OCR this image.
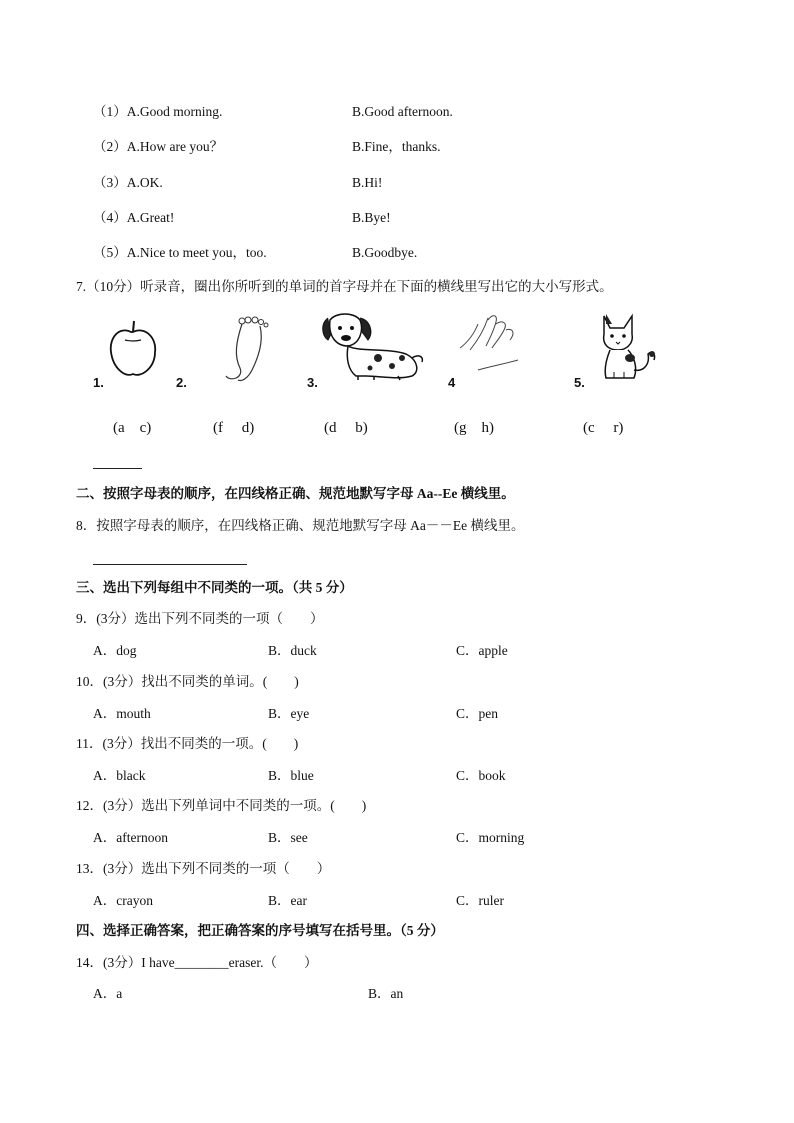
（1）A.Good morning.	B.Good afternoon.
（2）A.How are you？	B.Fine，thanks.
（3）A.OK.	B.Hi!
（4）A.Great!	B.Bye!
（5）A.Nice to meet you，too.	B.Goodbye.
7.（10分）听录音，圈出你所听到的单词的首字母并在下面的横线里写出它的大小写形式。
1.	2.	3.	4	5.
(a    c)	(f     d)	(d     b)	(g    h)	(c     r)
二、按照字母表的顺序，在四线格正确、规范地默写字母 Aa--Ee 横线里。
8．按照字母表的顺序，在四线格正确、规范地默写字母 Aa－－Ee 横线里。
三、选出下列每组中不同类的一项。（共 5 分）
9．(3分）选出下列不同类的一项（　　）
A．dog	B．duck	C．apple
10．(3分）找出不同类的单词。(　　)
A．mouth	B．eye	C．pen
11．(3分）找出不同类的一项。(　　)
A．black	B．blue	C．book
12．(3分）选出下列单词中不同类的一项。(　　)
A．afternoon	B．see	C．morning
13．(3分）选出下列不同类的一项（　　）
A．crayon	B．ear	C．ruler
四、选择正确答案，把正确答案的序号填写在括号里。（5 分）
14．(3分）I have________eraser.（　　）
A．a	B．an
